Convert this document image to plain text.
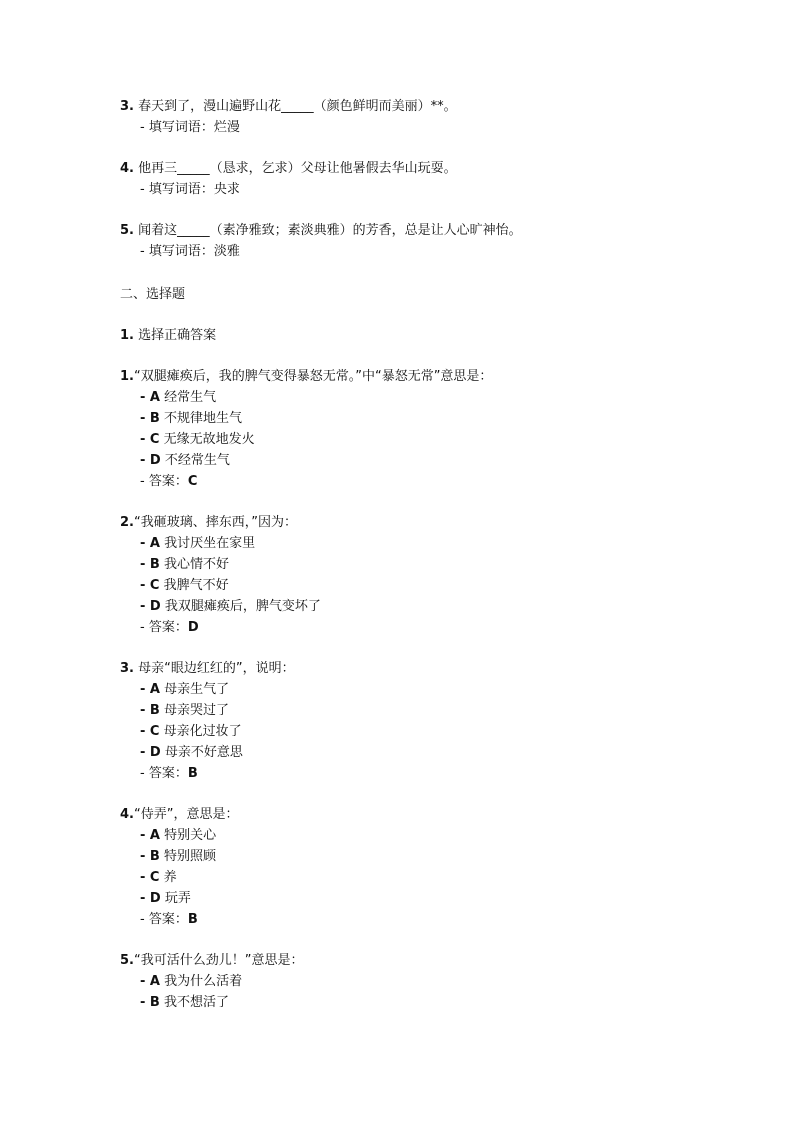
3. 春天到了，漫山遍野山花_____（颜色鲜明而美丽）**。
- 填写词语：烂漫
4. 他再三_____（恳求，乞求）父母让他暑假去华山玩耍。
- 填写词语：央求
5. 闻着这_____（素净雅致；素淡典雅）的芳香，总是让人心旷神怡。
- 填写词语：淡雅
二、选择题
1. 选择正确答案
1.“双腿瘫痪后，我的脾气变得暴怒无常。”中“暴怒无常”意思是：
- A 经常生气
- B 不规律地生气
- C 无缘无故地发火
- D 不经常生气
- 答案：C
2.“我砸玻璃、摔东西，”因为：
- A 我讨厌坐在家里
- B 我心情不好
- C 我脾气不好
- D 我双腿瘫痪后，脾气变坏了
- 答案：D
3. 母亲“眼边红红的”，说明：
- A 母亲生气了
- B 母亲哭过了
- C 母亲化过妆了
- D 母亲不好意思
- 答案：B
4.“侍弄”，意思是：
- A 特别关心
- B 特别照顾
- C 养
- D 玩弄
- 答案：B
5.“我可活什么劲儿！”意思是：
- A 我为什么活着
- B 我不想活了
